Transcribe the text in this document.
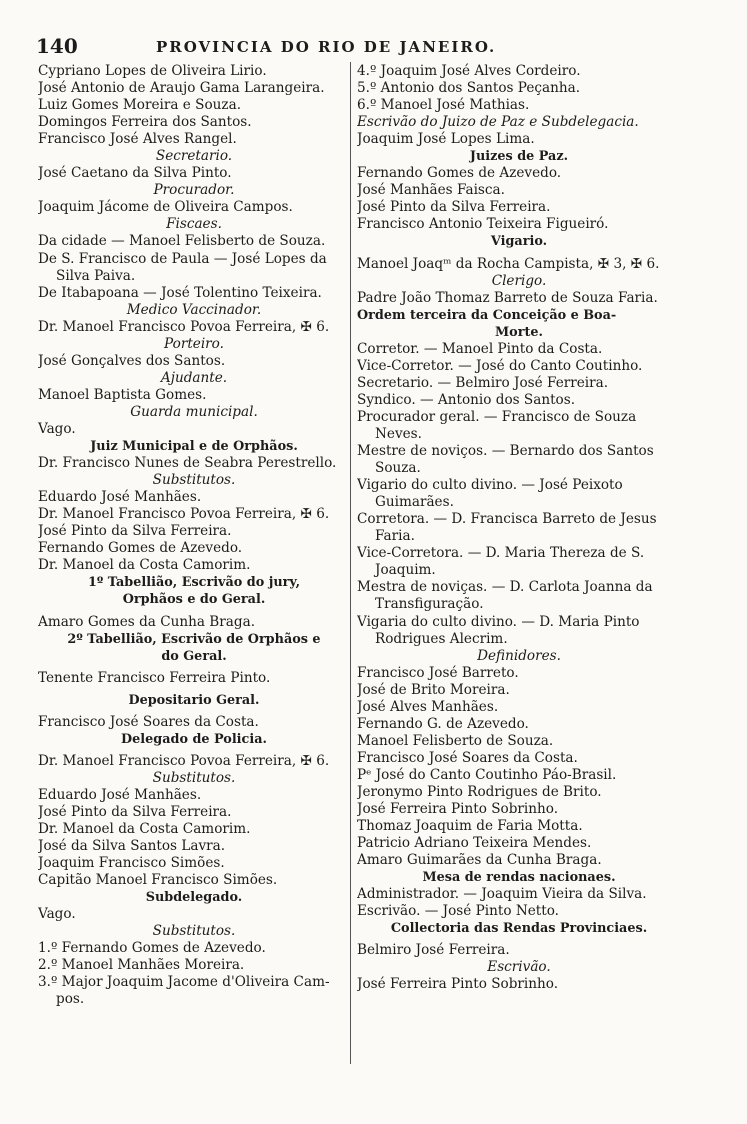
140	PROVINCIA DO RIO DE JANEIRO.
Cypriano Lopes de Oliveira Lirio.
José Antonio de Araujo Gama Larangeira.
Luiz Gomes Moreira e Souza.
Domingos Ferreira dos Santos.
Francisco José Alves Rangel.
Secretario.
José Caetano da Silva Pinto.
Procurador.
Joaquim Jácome de Oliveira Campos.
Fiscaes.
Da cidade — Manoel Felisberto de Souza.
De S. Francisco de Paula — José Lopes da
Silva Paiva.
De Itabapoana — José Tolentino Teixeira.
Medico Vaccinador.
Dr. Manoel Francisco Povoa Ferreira, ✠ 6.
Porteiro.
José Gonçalves dos Santos.
Ajudante.
Manoel Baptista Gomes.
Guarda municipal.
Vago.
Juiz Municipal e de Orphãos.
Dr. Francisco Nunes de Seabra Perestrello.
Substitutos.
Eduardo José Manhães.
Dr. Manoel Francisco Povoa Ferreira, ✠ 6.
José Pinto da Silva Ferreira.
Fernando Gomes de Azevedo.
Dr. Manoel da Costa Camorim.
1º Tabellião, Escrivão do jury,
Orphãos e do Geral.
Amaro Gomes da Cunha Braga.
2º Tabellião, Escrivão de Orphãos e
do Geral.
Tenente Francisco Ferreira Pinto.
Depositario Geral.
Francisco José Soares da Costa.
Delegado de Policia.
Dr. Manoel Francisco Povoa Ferreira, ✠ 6.
Substitutos.
Eduardo José Manhães.
José Pinto da Silva Ferreira.
Dr. Manoel da Costa Camorim.
José da Silva Santos Lavra.
Joaquim Francisco Simões.
Capitão Manoel Francisco Simões.
Subdelegado.
Vago.
Substitutos.
1.º Fernando Gomes de Azevedo.
2.º Manoel Manhães Moreira.
3.º Major Joaquim Jacome d'Oliveira Cam-
pos.
4.º Joaquim José Alves Cordeiro.
5.º Antonio dos Santos Peçanha.
6.º Manoel José Mathias.
Escrivão do Juizo de Paz e Subdelegacia.
Joaquim José Lopes Lima.
Juizes de Paz.
Fernando Gomes de Azevedo.
José Manhães Faisca.
José Pinto da Silva Ferreira.
Francisco Antonio Teixeira Figueiró.
Vigario.
Manoel Joaqᵐ da Rocha Campista, ✠ 3, ✠ 6.
Clerigo.
Padre João Thomaz Barreto de Souza Faria.
Ordem terceira da Conceição e Boa-
Morte.
Corretor. — Manoel Pinto da Costa.
Vice-Corretor. — José do Canto Coutinho.
Secretario. — Belmiro José Ferreira.
Syndico. — Antonio dos Santos.
Procurador geral. — Francisco de Souza
Neves.
Mestre de noviços. — Bernardo dos Santos
Souza.
Vigario do culto divino. — José Peixoto
Guimarães.
Corretora. — D. Francisca Barreto de Jesus
Faria.
Vice-Corretora. — D. Maria Thereza de S.
Joaquim.
Mestra de noviças. — D. Carlota Joanna da
Transfiguração.
Vigaria do culto divino. — D. Maria Pinto
Rodrigues Alecrim.
Definidores.
Francisco José Barreto.
José de Brito Moreira.
José Alves Manhães.
Fernando G. de Azevedo.
Manoel Felisberto de Souza.
Francisco José Soares da Costa.
Pᵉ José do Canto Coutinho Páo-Brasil.
Jeronymo Pinto Rodrigues de Brito.
José Ferreira Pinto Sobrinho.
Thomaz Joaquim de Faria Motta.
Patricio Adriano Teixeira Mendes.
Amaro Guimarães da Cunha Braga.
Mesa de rendas nacionaes.
Administrador. — Joaquim Vieira da Silva.
Escrivão. — José Pinto Netto.
Collectoria das Rendas Provinciaes.
Belmiro José Ferreira.
Escrivão.
José Ferreira Pinto Sobrinho.
